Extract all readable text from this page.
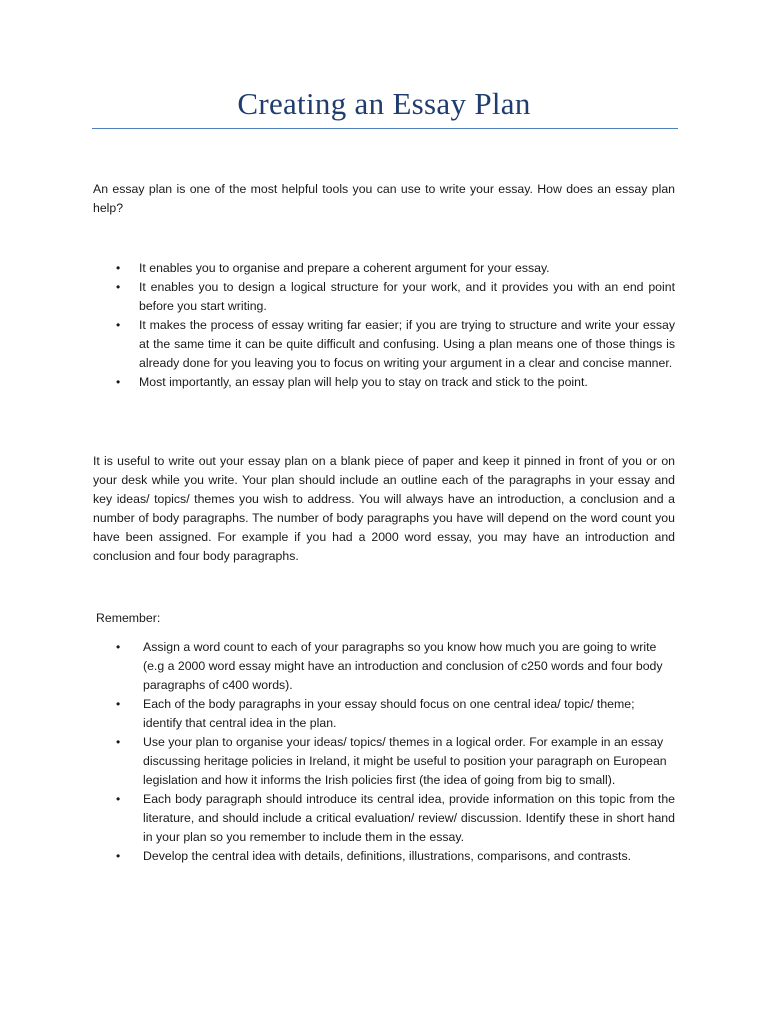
Creating an Essay Plan

An essay plan is one of the most helpful tools you can use to write your essay. How does an essay plan help?

• It enables you to organise and prepare a coherent argument for your essay.
• It enables you to design a logical structure for your work, and it provides you with an end point before you start writing.
• It makes the process of essay writing far easier; if you are trying to structure and write your essay at the same time it can be quite difficult and confusing. Using a plan means one of those things is already done for you leaving you to focus on writing your argument in a clear and concise manner.
• Most importantly, an essay plan will help you to stay on track and stick to the point.

It is useful to write out your essay plan on a blank piece of paper and keep it pinned in front of you or on your desk while you write. Your plan should include an outline each of the paragraphs in your essay and key ideas/ topics/ themes you wish to address. You will always have an introduction, a conclusion and a number of body paragraphs. The number of body paragraphs you have will depend on the word count you have been assigned. For example if you had a 2000 word essay, you may have an introduction and conclusion and four body paragraphs.

Remember:

• Assign a word count to each of your paragraphs so you know how much you are going to write (e.g a 2000 word essay might have an introduction and conclusion of c250 words and four body paragraphs of c400 words).
• Each of the body paragraphs in your essay should focus on one central idea/ topic/ theme; identify that central idea in the plan.
• Use your plan to organise your ideas/ topics/ themes in a logical order. For example in an essay discussing heritage policies in Ireland, it might be useful to position your paragraph on European legislation and how it informs the Irish policies first (the idea of going from big to small).
• Each body paragraph should introduce its central idea, provide information on this topic from the literature, and should include a critical evaluation/ review/ discussion. Identify these in short hand in your plan so you remember to include them in the essay.
• Develop the central idea with details, definitions, illustrations, comparisons, and contrasts.
